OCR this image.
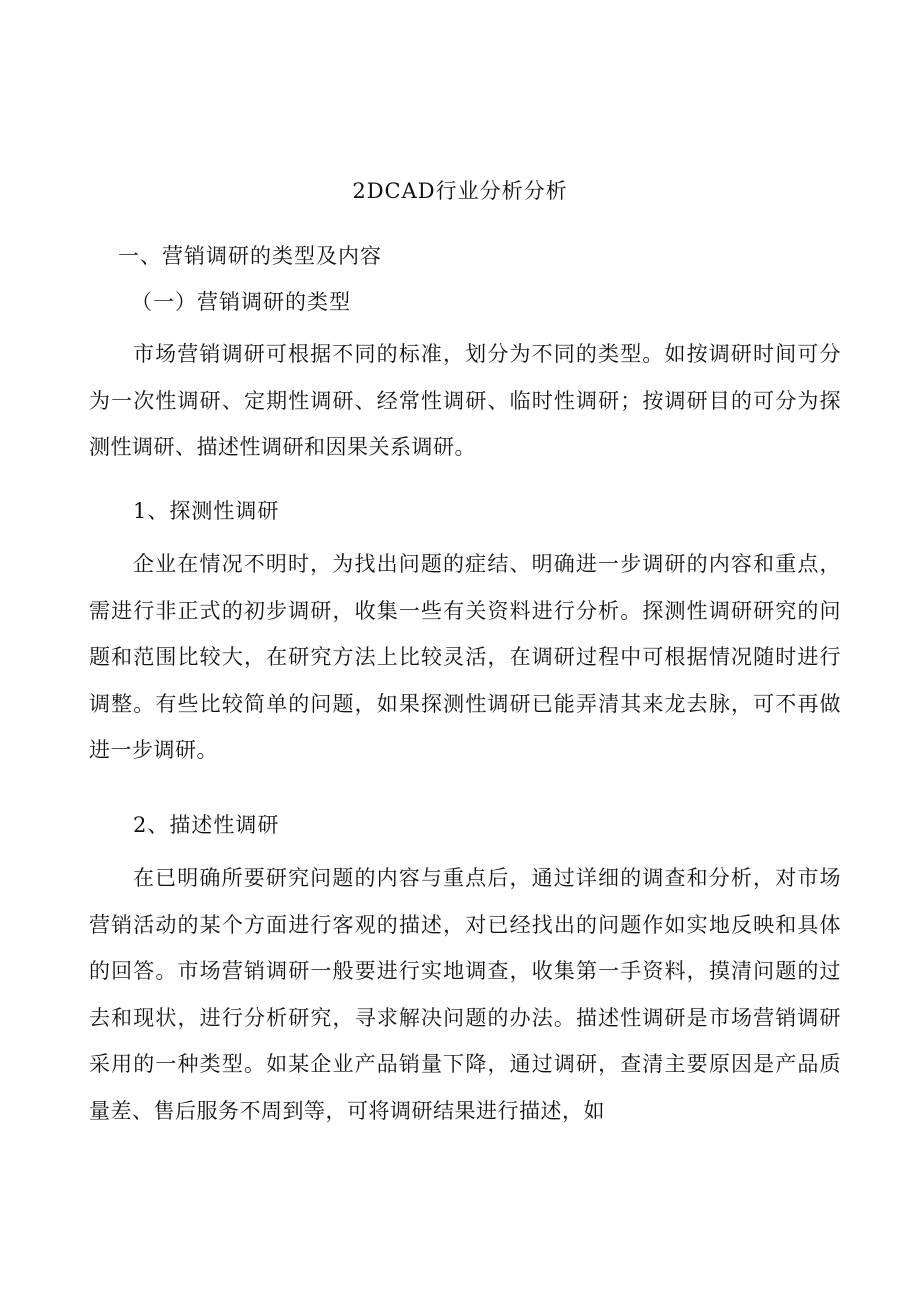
2DCAD行业分析分析
一、营销调研的类型及内容
（一）营销调研的类型

市场营销调研可根据不同的标准，划分为不同的类型。如按调研时间可分为一次性调研、定期性调研、经常性调研、临时性调研；按调研目的可分为探测性调研、描述性调研和因果关系调研。

1、探测性调研

企业在情况不明时，为找出问题的症结、明确进一步调研的内容和重点，需进行非正式的初步调研，收集一些有关资料进行分析。探测性调研研究的问题和范围比较大，在研究方法上比较灵活，在调研过程中可根据情况随时进行调整。有些比较简单的问题，如果探测性调研已能弄清其来龙去脉，可不再做进一步调研。

2、描述性调研

在已明确所要研究问题的内容与重点后，通过详细的调查和分析，对市场营销活动的某个方面进行客观的描述，对已经找出的问题作如实地反映和具体的回答。市场营销调研一般要进行实地调查，收集第一手资料，摸清问题的过去和现状，进行分析研究，寻求解决问题的办法。描述性调研是市场营销调研采用的一种类型。如某企业产品销量下降，通过调研，查清主要原因是产品质量差、售后服务不周到等，可将调研结果进行描述，如
